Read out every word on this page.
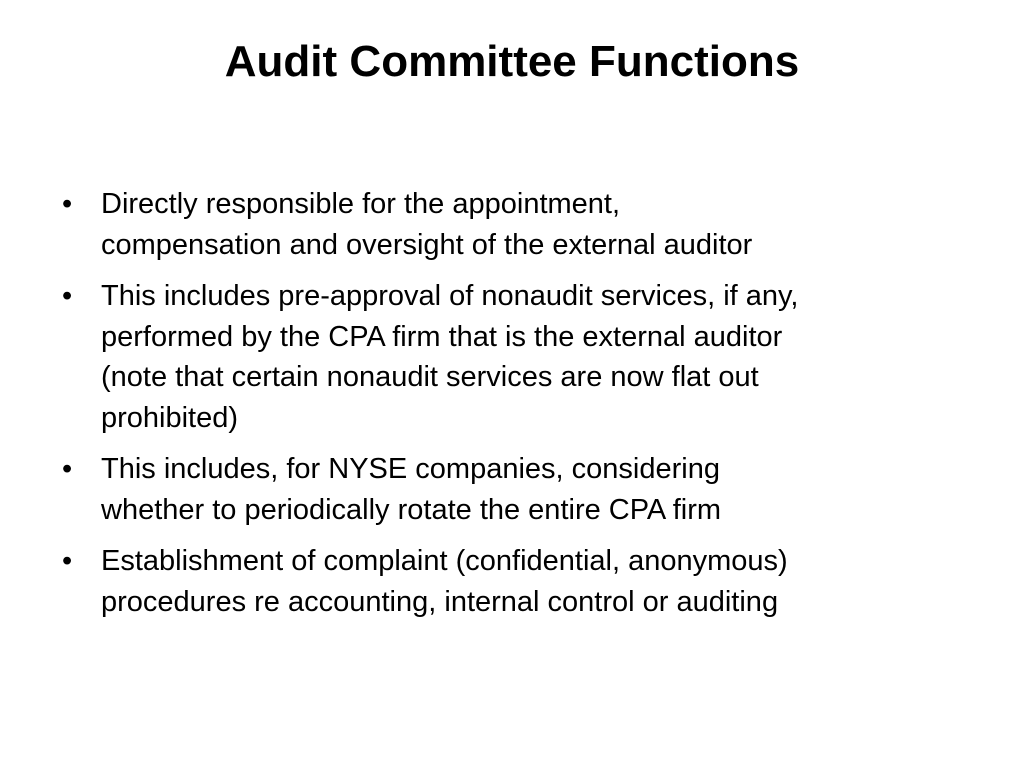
Audit Committee Functions
• Directly responsible for the appointment,
compensation and oversight of the external auditor
• This includes pre-approval of nonaudit services, if any,
performed by the CPA firm that is the external auditor
(note that certain nonaudit services are now flat out
prohibited)
• This includes, for NYSE companies, considering
whether to periodically rotate the entire CPA firm
• Establishment of complaint (confidential, anonymous)
procedures re accounting, internal control or auditing
